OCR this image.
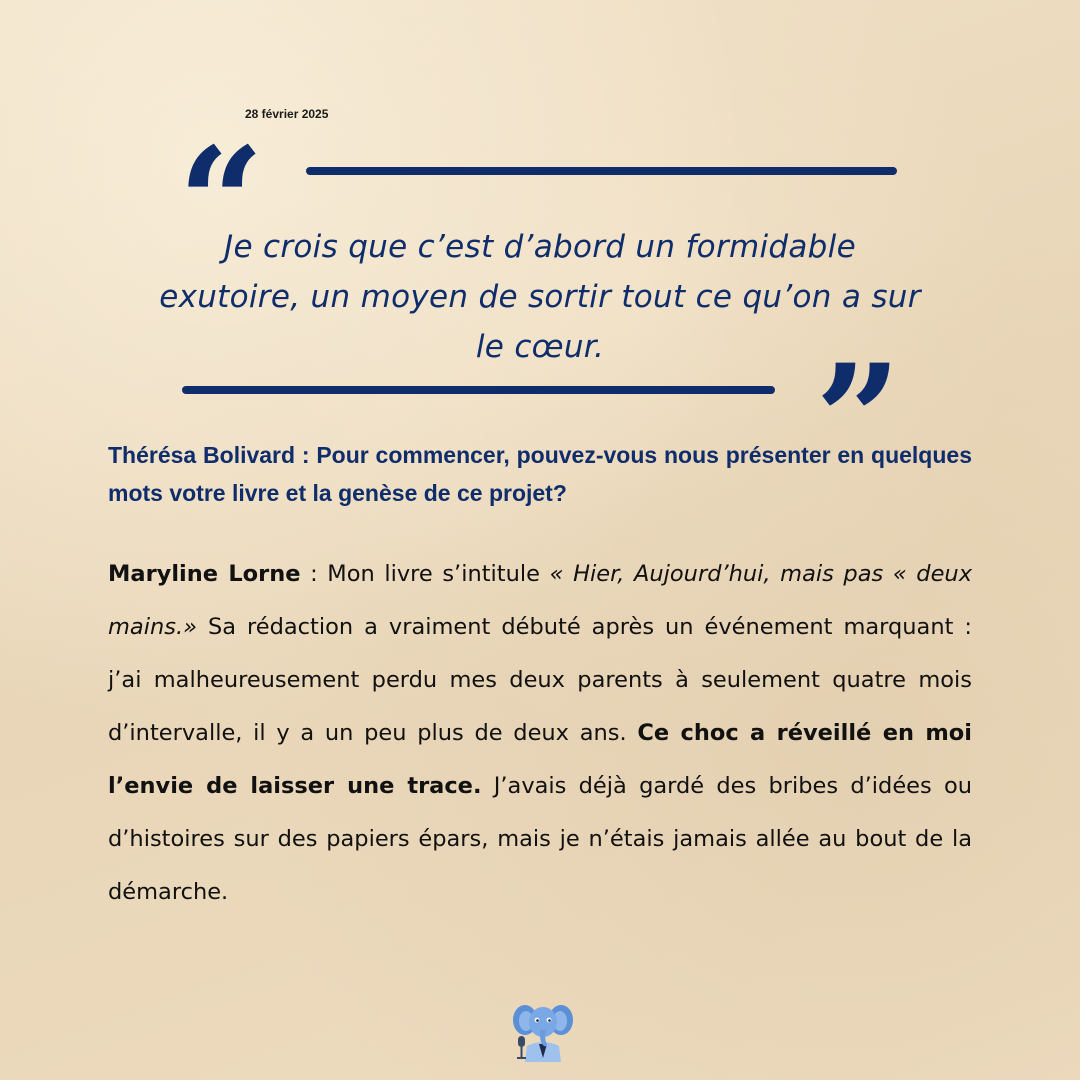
28 février 2025
“

Je crois que c’est d’abord un formidable exutoire, un moyen de sortir tout ce qu’on a sur le cœur.	”

Thérésa Bolivard : Pour commencer, pouvez-vous nous présenter en quelques mots votre livre et la genèse de ce projet?

Maryline Lorne : Mon livre s’intitule « Hier, Aujourd’hui, mais pas « deux mains.» Sa rédaction a vraiment débuté après un événement marquant : j’ai malheureusement perdu mes deux parents à seulement quatre mois d’intervalle, il y a un peu plus de deux ans. Ce choc a réveillé en moi l’envie de laisser une trace. J’avais déjà gardé des bribes d’idées ou d’histoires sur des papiers épars, mais je n’étais jamais allée au bout de la démarche.
